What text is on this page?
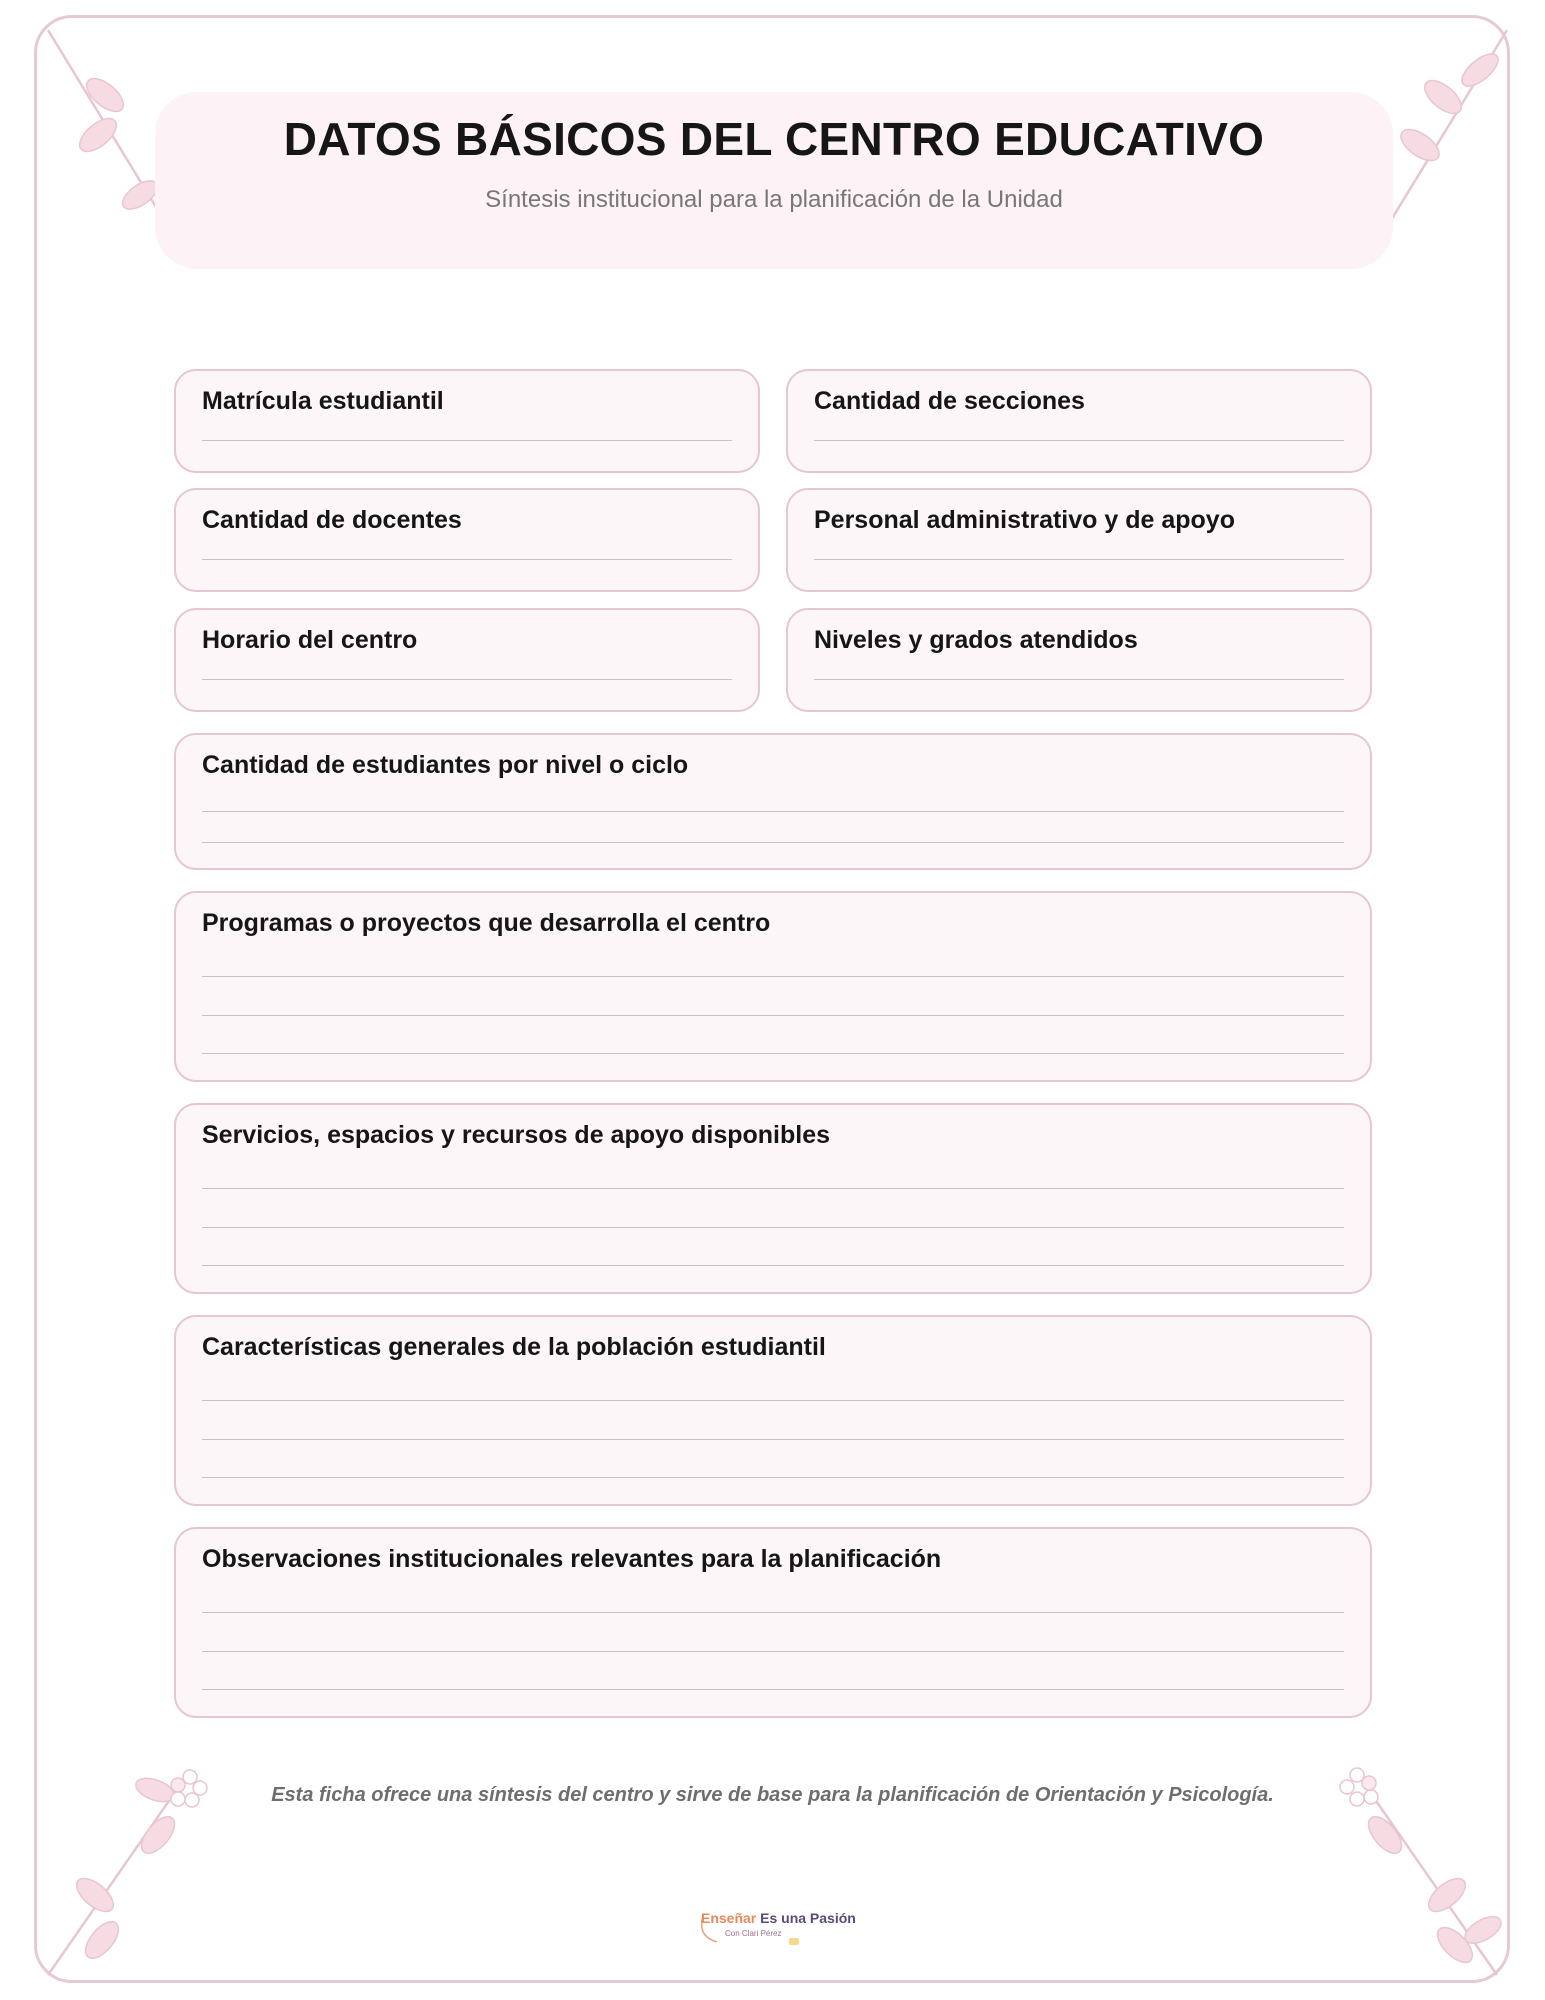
DATOS BÁSICOS DEL CENTRO EDUCATIVO
Síntesis institucional para la planificación de la Unidad
Matrícula estudiantil	Cantidad de secciones
Cantidad de docentes	Personal administrativo y de apoyo
Horario del centro	Niveles y grados atendidos
Cantidad de estudiantes por nivel o ciclo
Programas o proyectos que desarrolla el centro
Servicios, espacios y recursos de apoyo disponibles
Características generales de la población estudiantil
Observaciones institucionales relevantes para la planificación
Esta ficha ofrece una síntesis del centro y sirve de base para la planificación de Orientación y Psicología.
Enseñar Es una Pasión
Con Clari Pérez
